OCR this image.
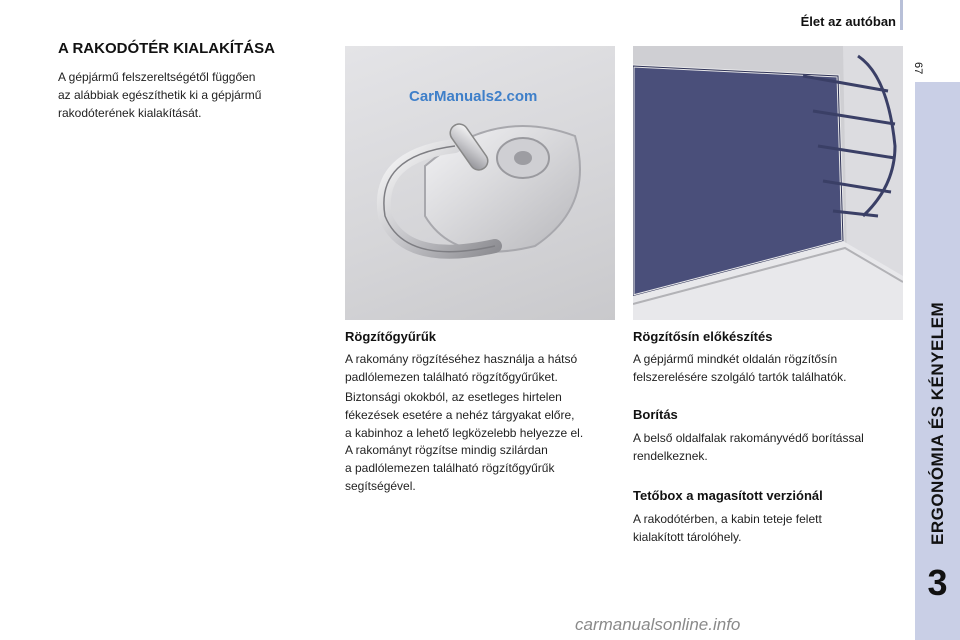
Élet az autóban
67
ERGONÓMIA ÉS KÉNYELEM
3
A RAKODÓTÉR KIALAKÍTÁSA

A gépjármű felszereltségétől függően
az alábbiak egészíthetik ki a gépjármű
rakodóterének kialakítását.

CarManuals2.com
Rögzítőgyűrűk

A rakomány rögzítéséhez használja a hátsó
padlólemezen található rögzítőgyűrűket.

Biztonsági okokból, az esetleges hirtelen
fékezések esetére a nehéz tárgyakat előre,
a kabinhoz a lehető legközelebb helyezze el.

A rakományt rögzítse mindig szilárdan
a padlólemezen található rögzítőgyűrűk
segítségével.

Rögzítősín előkészítés

A gépjármű mindkét oldalán rögzítősín
felszerelésére szolgáló tartók találhatók.

Borítás

A belső oldalfalak rakományvédő borítással
rendelkeznek.

Tetőbox a magasított verziónál

A rakodótérben, a kabin teteje felett
kialakított tárolóhely.

carmanualsonline.info
